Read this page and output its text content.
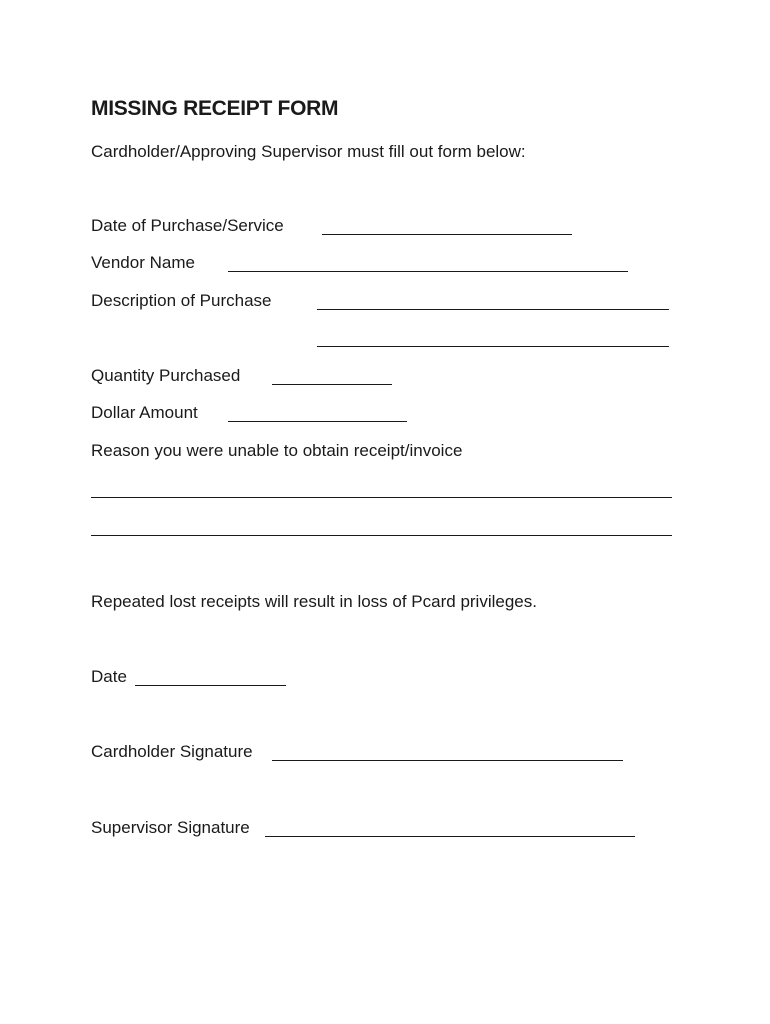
MISSING RECEIPT FORM
Cardholder/Approving Supervisor must fill out form below:
Date of Purchase/Service
Vendor Name
Description of Purchase
Quantity Purchased
Dollar Amount
Reason you were unable to obtain receipt/invoice
Repeated lost receipts will result in loss of Pcard privileges.
Date
Cardholder Signature
Supervisor Signature
